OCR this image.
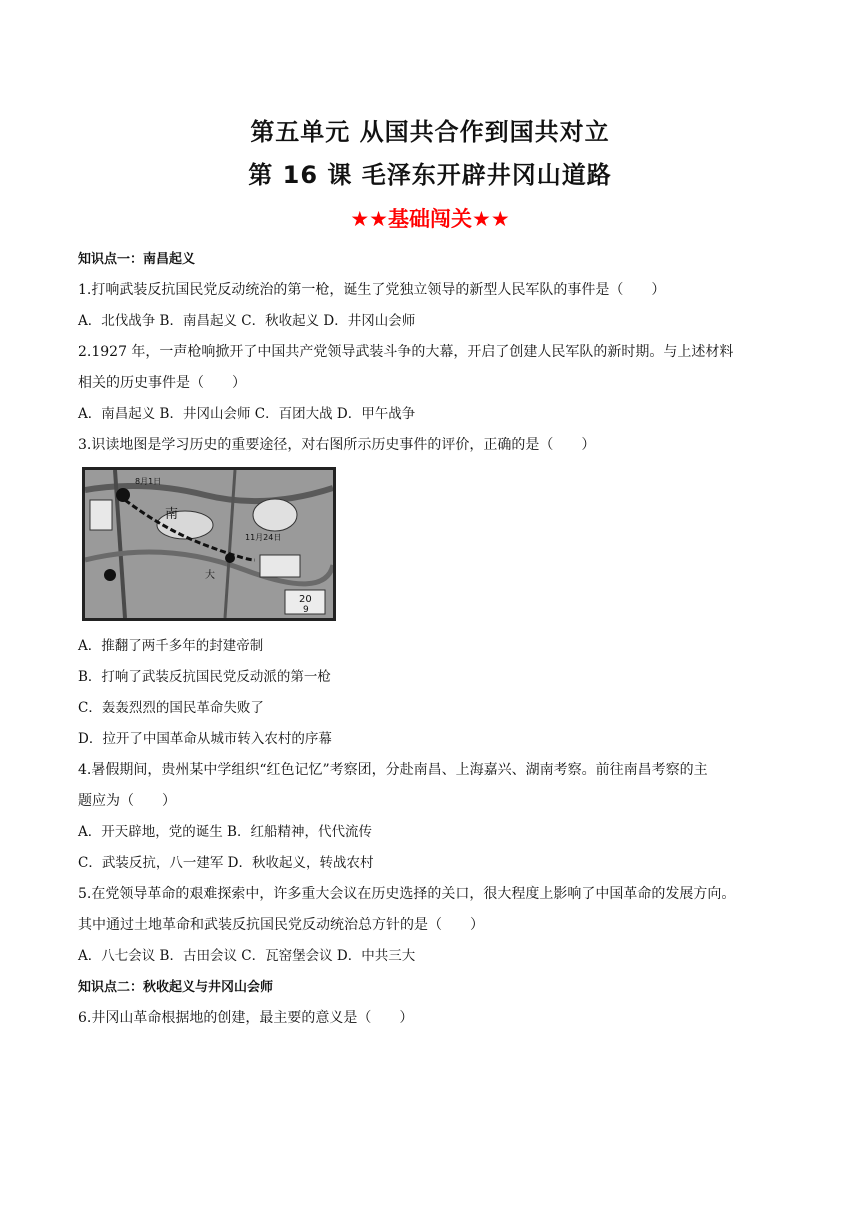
第五单元 从国共合作到国共对立
第 16 课 毛泽东开辟井冈山道路
★★基础闯关★★
知识点一：南昌起义
1.打响武装反抗国民党反动统治的第一枪，诞生了党独立领导的新型人民军队的事件是（　　）
A．北伐战争 B．南昌起义 C．秋收起义 D．井冈山会师
2.1927 年，一声枪响掀开了中国共产党领导武装斗争的大幕，开启了创建人民军队的新时期。与上述材料
相关的历史事件是（　　）
A．南昌起义 B．井冈山会师 C．百团大战 D．甲午战争
3.识读地图是学习历史的重要途径，对右图所示历史事件的评价，正确的是（　　）
南
大
20
9
8月1日
11月24日
A．推翻了两千多年的封建帝制
B．打响了武装反抗国民党反动派的第一枪
C．轰轰烈烈的国民革命失败了
D．拉开了中国革命从城市转入农村的序幕
4.暑假期间，贵州某中学组织“红色记忆”考察团，分赴南昌、上海嘉兴、湖南考察。前往南昌考察的主
题应为（　　）
A．开天辟地，党的诞生 B．红船精神，代代流传
C．武装反抗，八一建军 D．秋收起义，转战农村
5.在党领导革命的艰难探索中，许多重大会议在历史选择的关口，很大程度上影响了中国革命的发展方向。
其中通过土地革命和武装反抗国民党反动统治总方针的是（　　）
A．八七会议 B．古田会议 C．瓦窑堡会议 D．中共三大
知识点二：秋收起义与井冈山会师
6.井冈山革命根据地的创建，最主要的意义是（　　）
